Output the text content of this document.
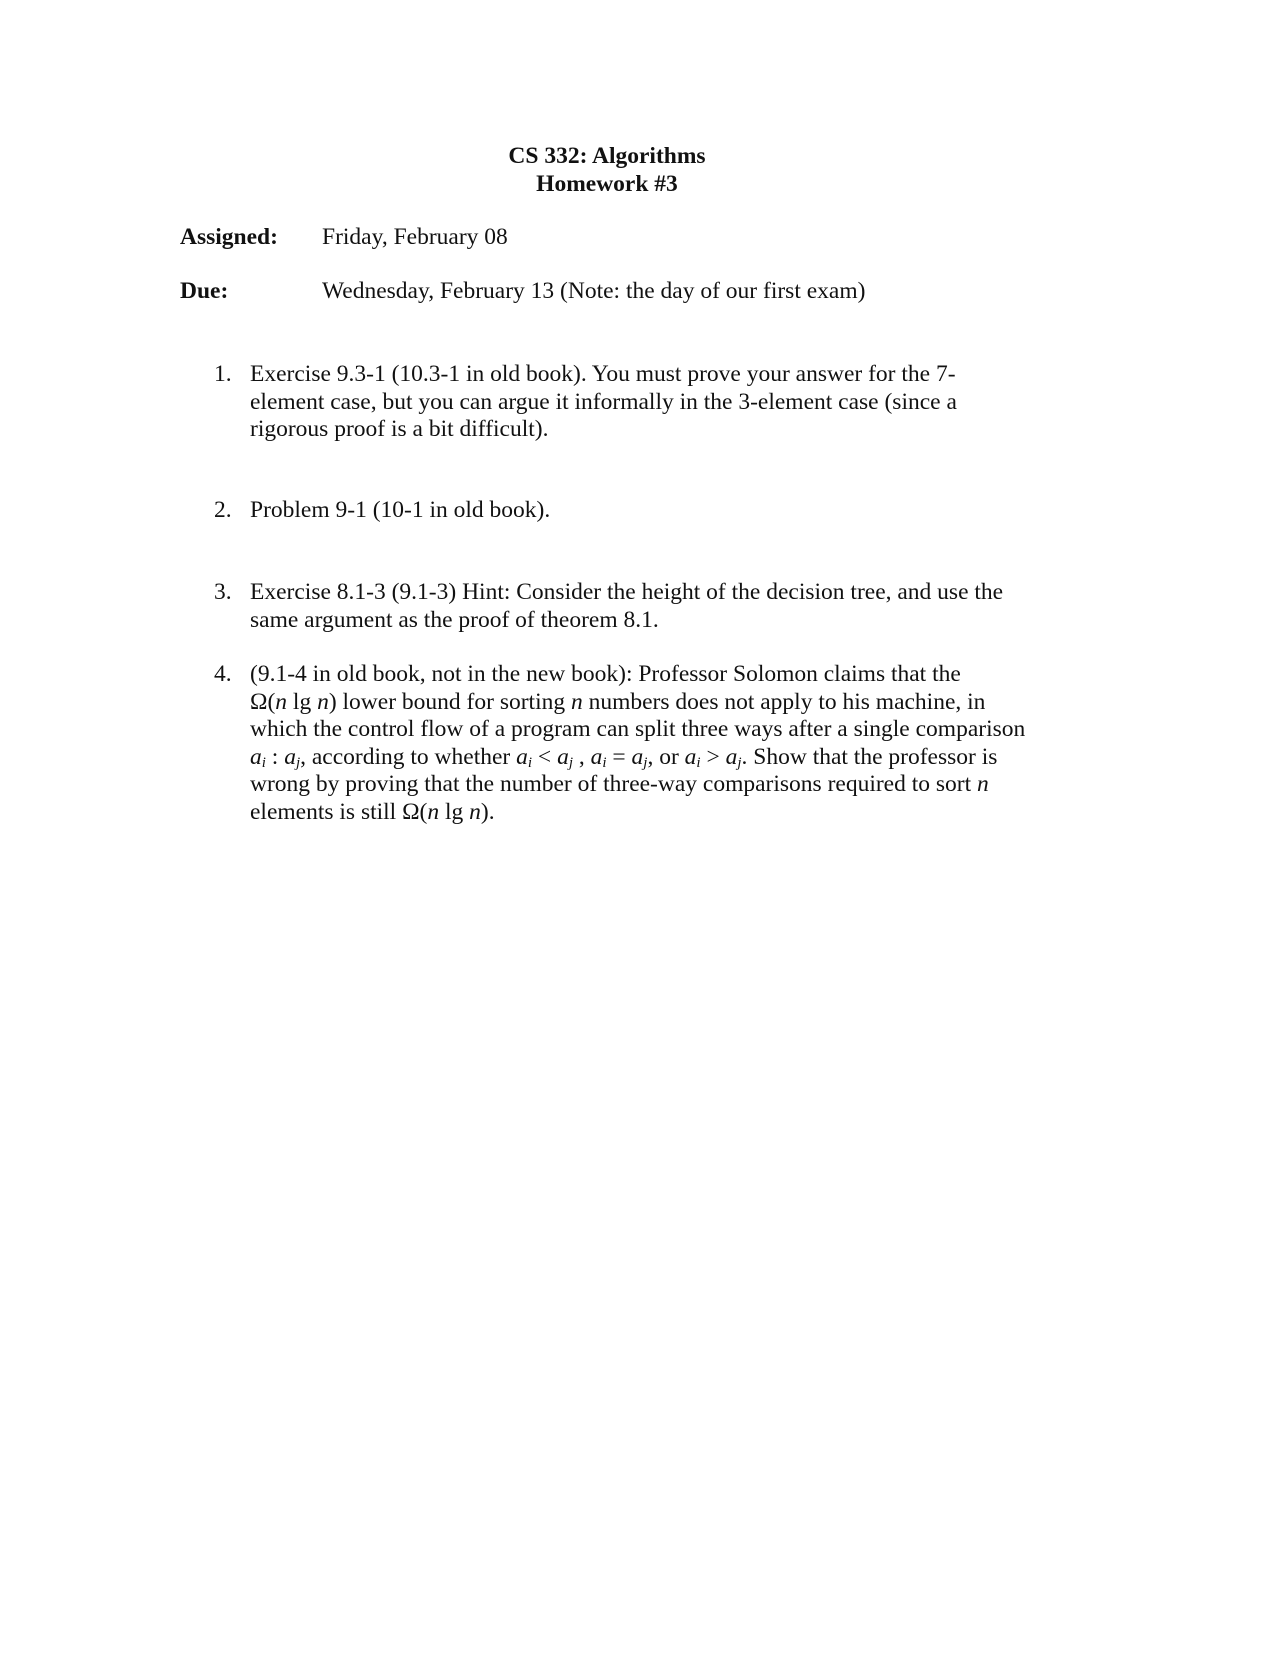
CS 332: Algorithms
Homework #3
Assigned: Friday, February 08
Due:	Wednesday, February 13 (Note: the day of our first exam)
1. Exercise 9.3-1 (10.3-1 in old book). You must prove your answer for the 7-
element case, but you can argue it informally in the 3-element case (since a
rigorous proof is a bit difficult).
2. Problem 9-1 (10-1 in old book).
3. Exercise 8.1-3 (9.1-3) Hint: Consider the height of the decision tree, and use the
same argument as the proof of theorem 8.1.
4. (9.1-4 in old book, not in the new book): Professor Solomon claims that the
Ω(n lg n) lower bound for sorting n numbers does not apply to his machine, in
which the control flow of a program can split three ways after a single comparison
$a_i$ : $a_j$, according to whether $a_i < a_j$ , $a_i = a_j$, or $a_i > a_j$. Show that the professor is
wrong by proving that the number of three-way comparisons required to sort n
elements is still Ω(n lg n).
